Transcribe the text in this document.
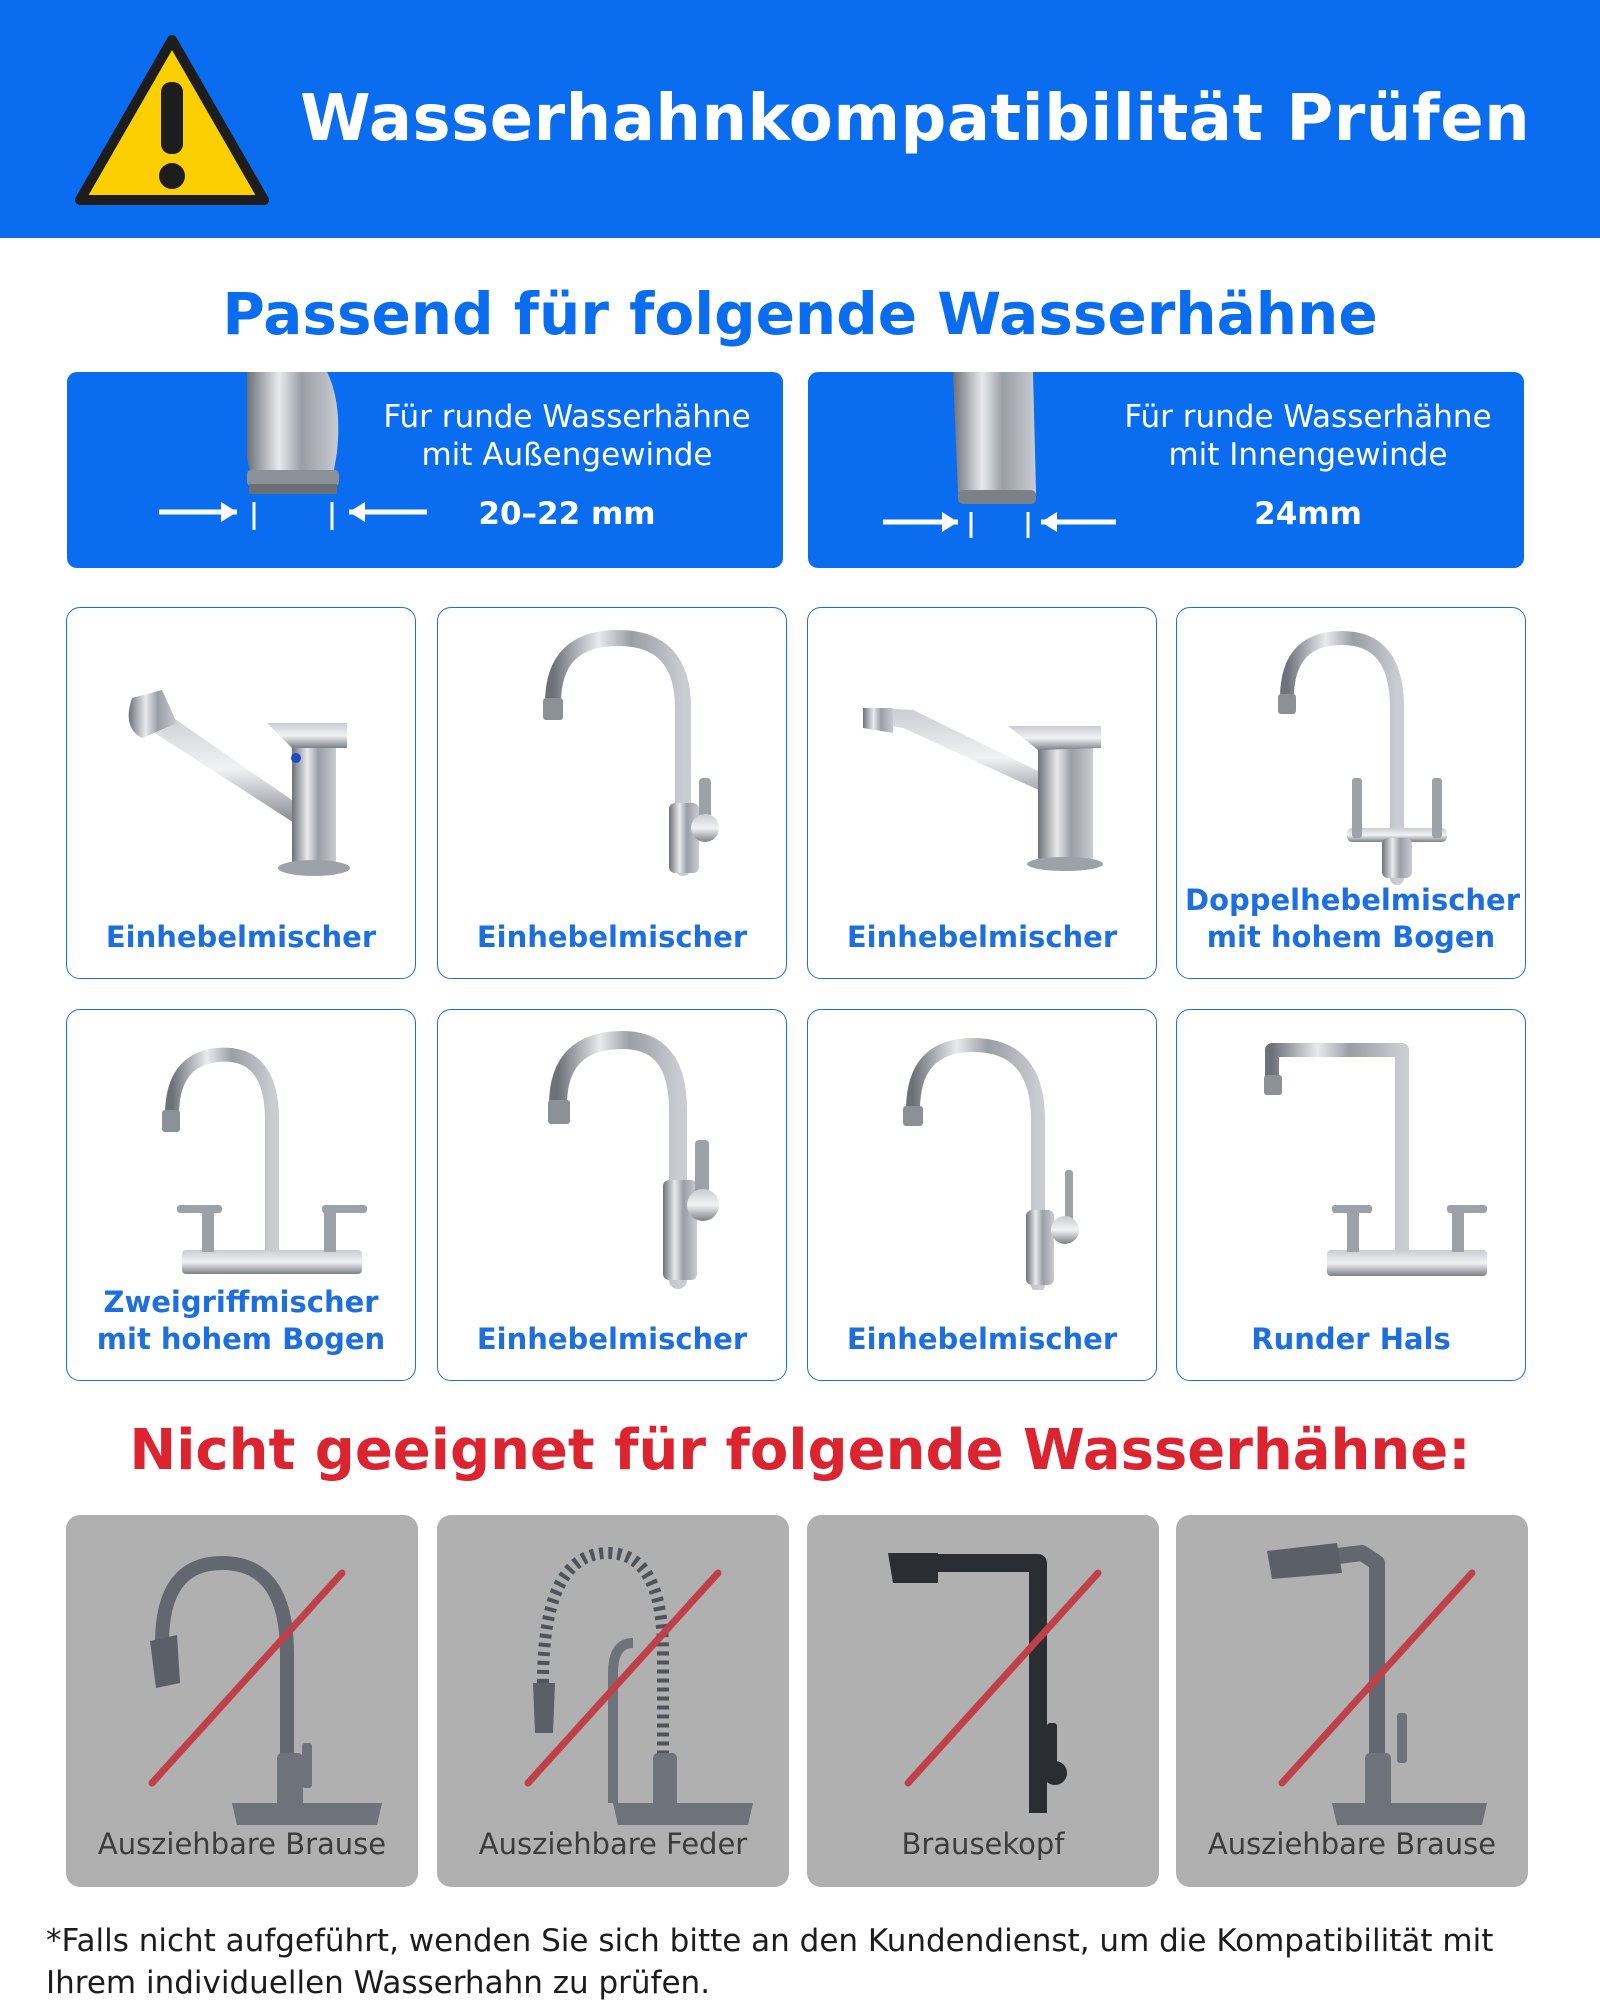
Wasserhahnkompatibilität Prüfen
Passend für folgende Wasserhähne
Für runde Wasserhähne
mit Außengewinde
20–22 mm
Für runde Wasserhähne
mit Innengewinde
24mm
Einhebelmischer	Einhebelmischer	Einhebelmischer
Doppelhebelmischer mit hohem Bogen
Zweigriffmischer mit hohem Bogen	Einhebelmischer	Einhebelmischer	Runder Hals
Nicht geeignet für folgende Wasserhähne:
Ausziehbare Brause	Ausziehbare Feder	Brausekopf	Ausziehbare Brause
*Falls nicht aufgeführt, wenden Sie sich bitte an den Kundendienst, um die Kompatibilität mit Ihrem individuellen Wasserhahn zu prüfen.
